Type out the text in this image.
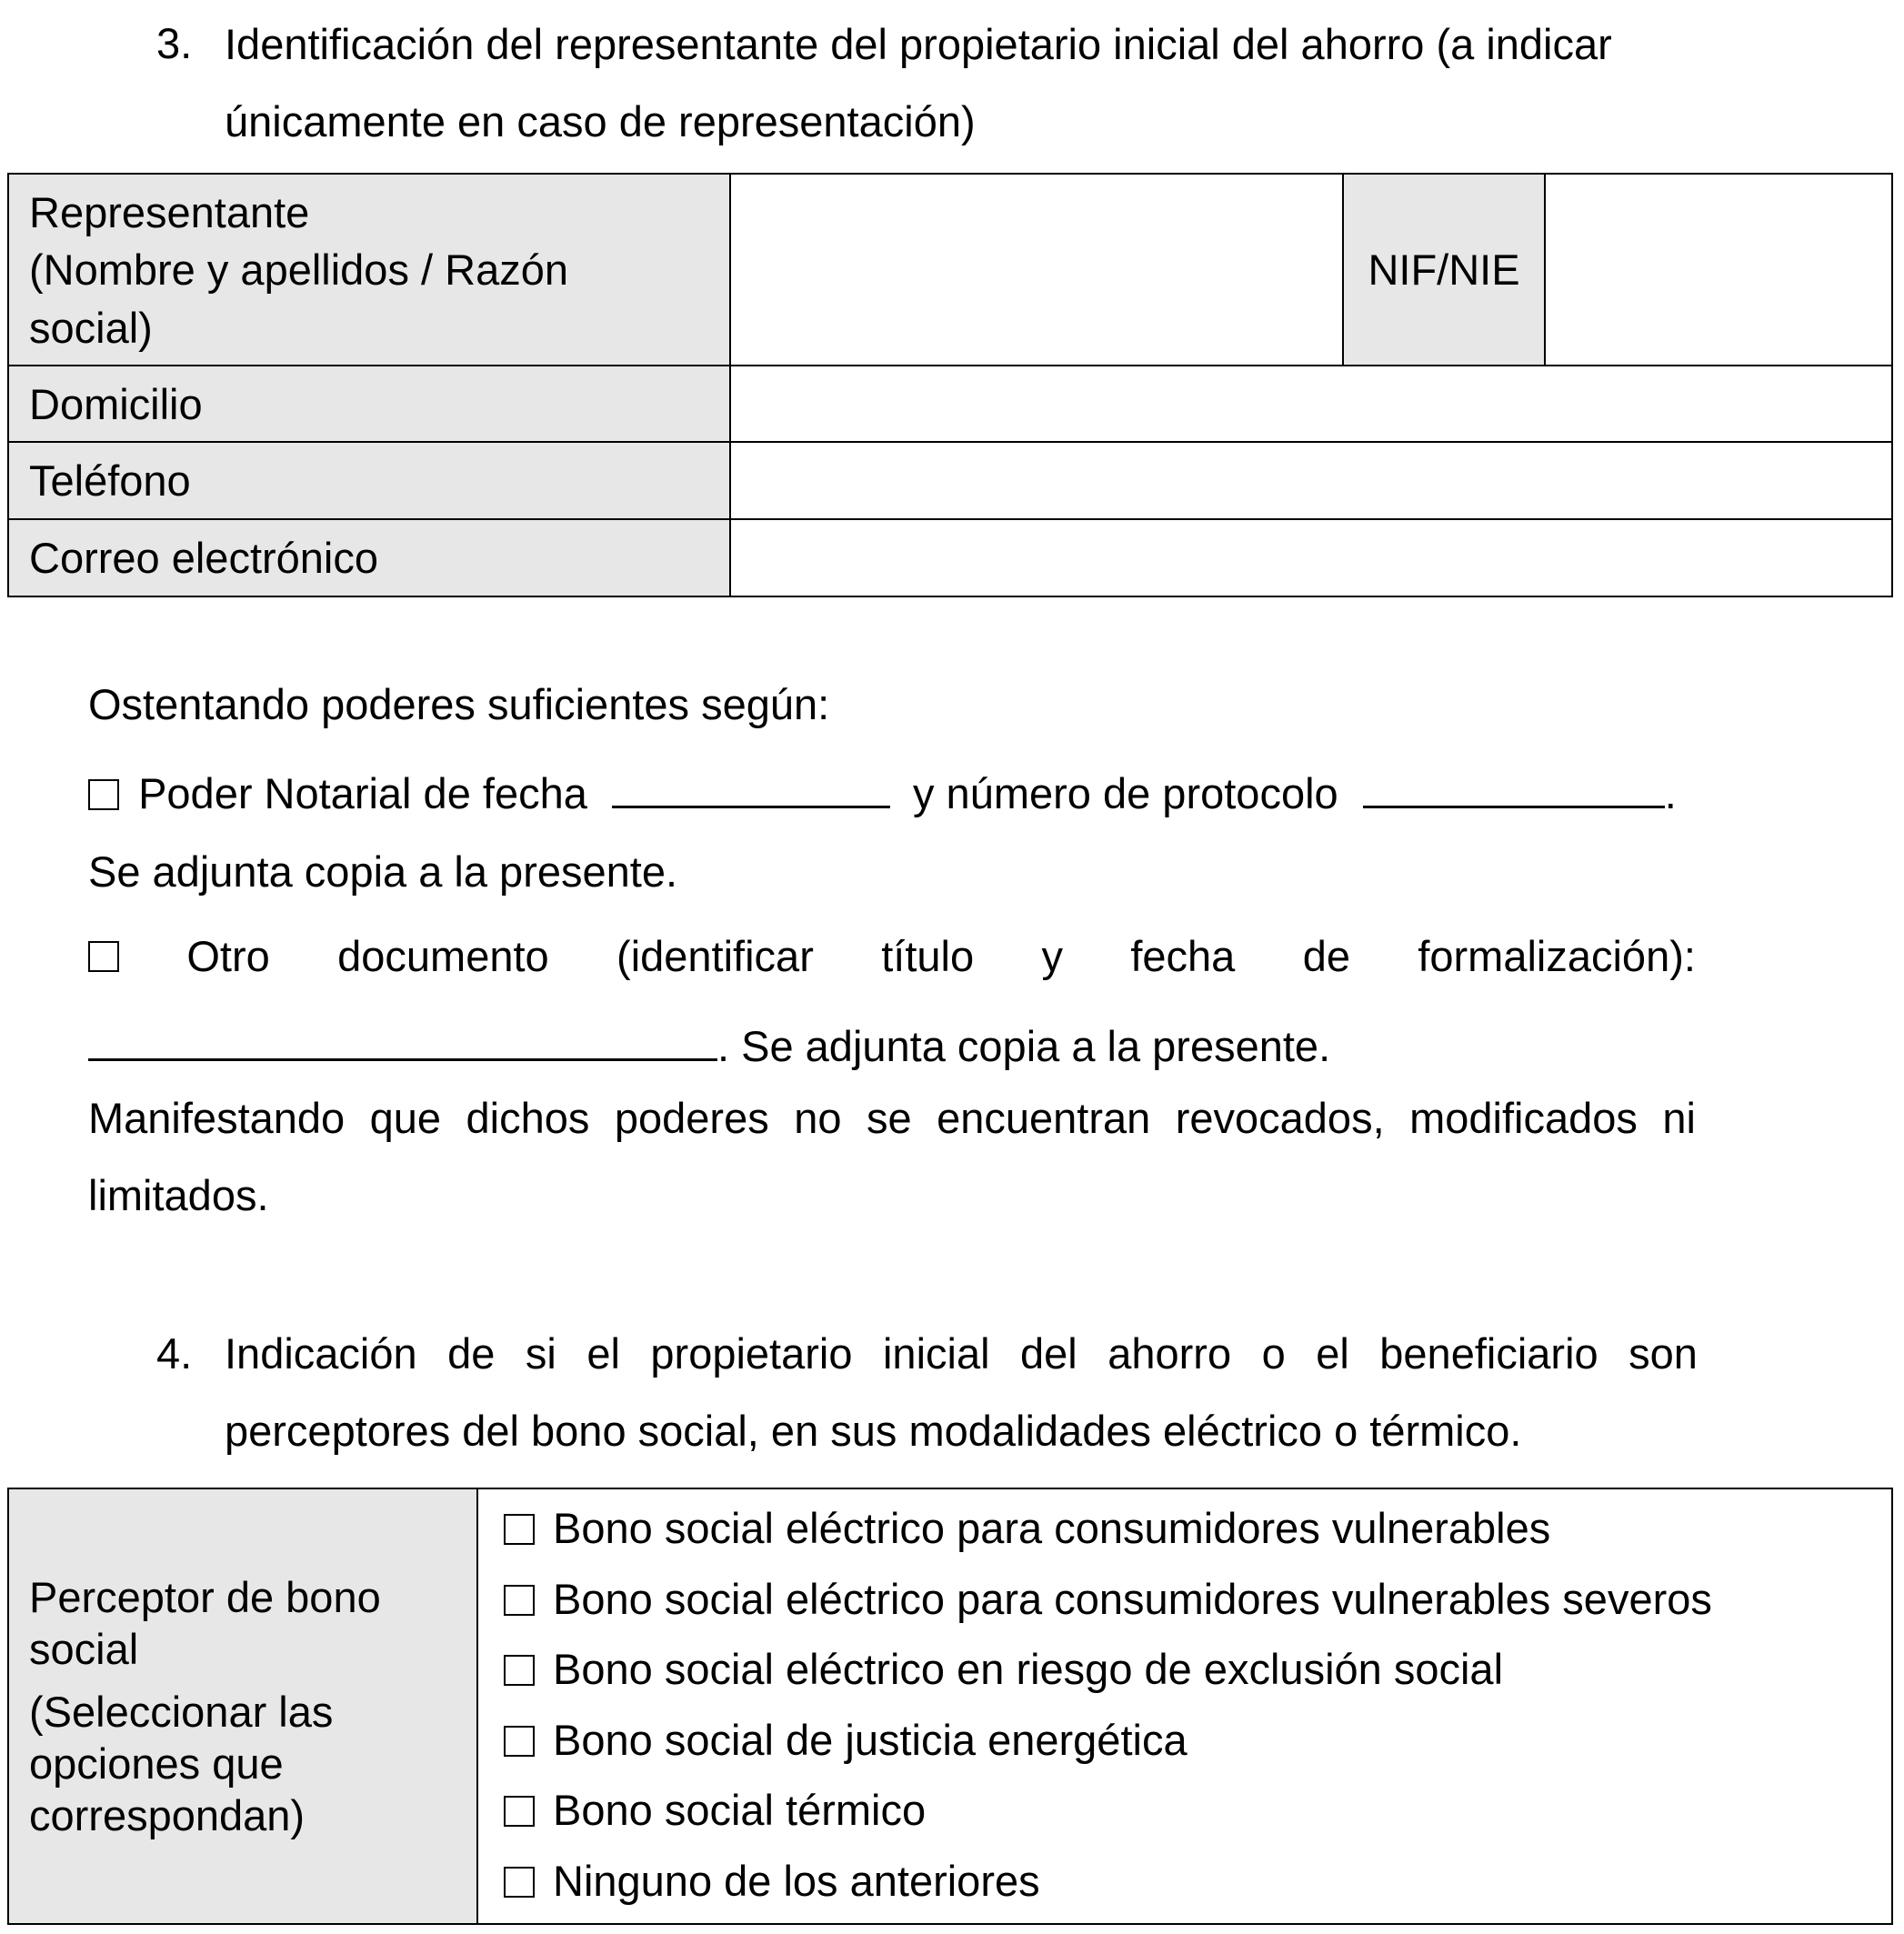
3. Identificación del representante del propietario inicial del ahorro (a indicar
únicamente en caso de representación)
Representante
(Nombre y apellidos / Razón
social)		NIF/NIE	
Domicilio			
Teléfono			
Correo electrónico			
Ostentando poderes suficientes según:
Poder Notarial de fecha	y número de protocolo	.
Se adjunta copia a la presente.
Otro documento (identificar título y fecha de formalización):
. Se adjunta copia a la presente.
Manifestando que dichos poderes no se encuentran revocados, modificados ni
limitados.
4. Indicación de si el propietario inicial del ahorro o el beneficiario son
perceptores del bono social, en sus modalidades eléctrico o térmico.
Perceptor de bono
social
(Seleccionar las
opciones que
correspondan)

Bono social eléctrico para consumidores vulnerables
Bono social eléctrico para consumidores vulnerables severos
Bono social eléctrico en riesgo de exclusión social
Bono social de justicia energética
Bono social térmico
Ninguno de los anteriores
